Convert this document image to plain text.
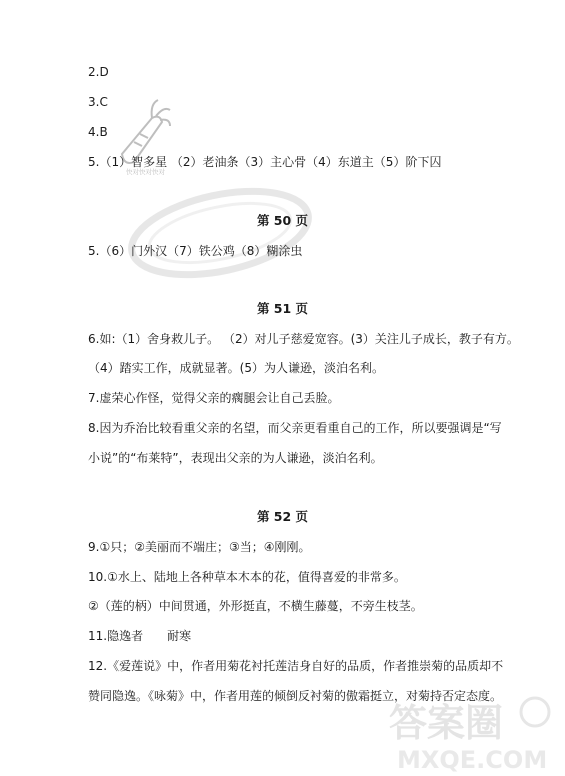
快对快对快对
2.D
3.C
4.B
5.（1）智多星 （2）老油条（3）主心骨（4）东道主（5）阶下囚
第 50 页
5.（6）门外汉（7）铁公鸡（8）糊涂虫
第 51 页
6.如:（1）舍身救儿子。 （2）对儿子慈爱宽容。(3）关注儿子成长，教子有方。
（4）踏实工作，成就显著。(5）为人谦逊，淡泊名利。
7.虚荣心作怪，觉得父亲的瘸腿会让自己丢脸。
8.因为乔治比较看重父亲的名望，而父亲更看重自己的工作，所以要强调是“写
小说”的“布莱特”，表现出父亲的为人谦逊，淡泊名利。
第 52 页
9.①只；②美丽而不端庄；③当；④刚刚。
10.①水上、陆地上各种草本木本的花，值得喜爱的非常多。
②（莲的柄）中间贯通，外形挺直，不横生藤蔓，不旁生枝茎。
11.隐逸者　　耐寒
12.《爱莲说》中，作者用菊花衬托莲洁身自好的品质，作者推崇菊的品质却不
赞同隐逸。《咏菊》中，作者用莲的倾倒反衬菊的傲霜挺立，对菊持否定态度。
答案圈
MXQE.COM
